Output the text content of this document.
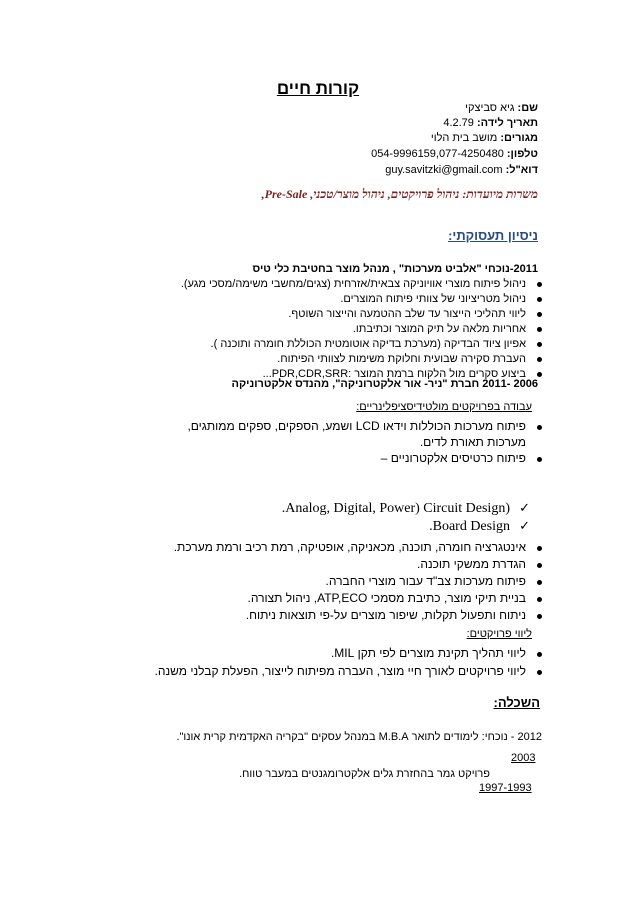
קורות חיים
שם: גיא סביצקי
תאריך לידה: 4.2.79
מגורים: מושב בית הלוי
טלפון: 054-9996159,077-4250480
דוא"ל: guy.savitzki@gmail.com
משרות מיועדות: ניהול פרויקטים, ניהול מוצר/טכני, Pre-Sale,
ניסיון תעסוקתי:
2011-נוכחי "אלביט מערכות" , מנהל מוצר בחטיבת כלי טיס
ניהול פיתוח מוצרי אוויוניקה צבאית/אזרחית (צגים/מחשבי משימה/מסכי מגע).
ניהול מטריציוני של צוותי פיתוח המוצרים.
ליווי תהליכי הייצור עד שלב ההטמעה והייצור השוטף.
אחריות מלאה על תיק המוצר וכתיבתו.
אפיון ציוד הבדיקה (מערכת בדיקה אוטומטית הכוללת חומרה ותוכנה ).
העברת סקירה שבועית וחלוקת משימות לצוותי הפיתוח.
ביצוע סקרים מול הלקוח ברמת המוצר :PDR,CDR,SRR...
2006 -2011 חברת "ניר- אור אלקטרוניקה", מהנדס אלקטרוניקה
עבודה בפרויקטים מולטידיסציפלינריים:
פיתוח מערכות הכוללות וידאו LCD ושמע, הספקים, ספקים ממותגים,
מערכות תאורת לדים.
פיתוח כרטיסים אלקטרוניים –
.Analog, Digital, Power) Circuit Design) ✓
.Board Design ✓
אינטגרציה חומרה, תוכנה, מכאניקה, אופטיקה, רמת רכיב ורמת מערכת.
הגדרת ממשקי תוכנה.
פיתוח מערכות צב"ד עבור מוצרי החברה.
בניית תיקי מוצר, כתיבת מסמכי ATP,ECO, ניהול תצורה.
ניתוח ותפעול תקלות, שיפור מוצרים על-פי תוצאות ניתוח.
ליווי פרויקטים:
ליווי תהליך תקינת מוצרים לפי תקן MIL.
ליווי פרויקטים לאורך חיי מוצר, העברה מפיתוח לייצור, הפעלת קבלני משנה.
השכלה:
2012 - נוכחי: לימודים לתואר M.B.A במנהל עסקים "בקריה האקדמית קרית אונו".
2003
פרויקט גמר בהחזרת גלים אלקטרומגנטים במעבר טווח.
1997-1993
